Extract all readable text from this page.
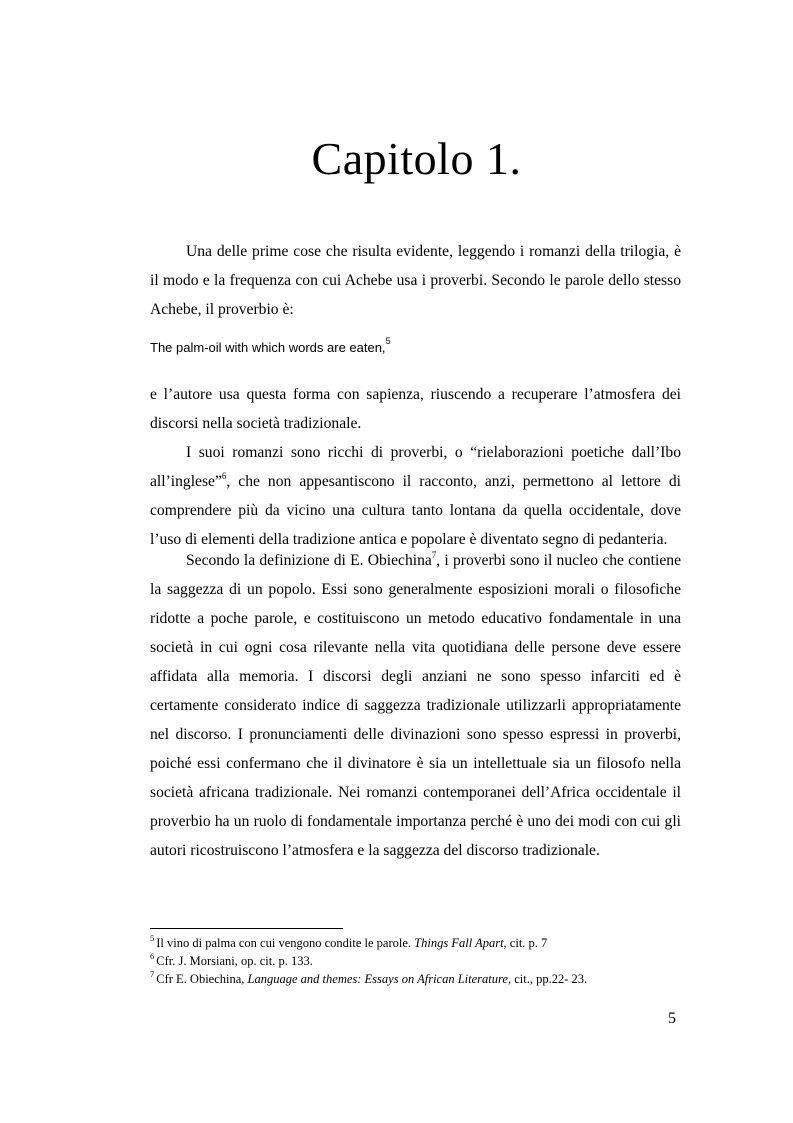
Capitolo 1.

Una delle prime cose che risulta evidente, leggendo i romanzi della trilogia, è il modo e la frequenza con cui Achebe usa i proverbi. Secondo le parole dello stesso Achebe, il proverbio è:

The palm-oil with which words are eaten,$^5$

e l’autore usa questa forma con sapienza, riuscendo a recuperare l’atmosfera dei discorsi nella società tradizionale.

I suoi romanzi sono ricchi di proverbi, o “rielaborazioni poetiche dall’Ibo all’inglese”$^6$, che non appesantiscono il racconto, anzi, permettono al lettore di comprendere più da vicino una cultura tanto lontana da quella occidentale, dove l’uso di elementi della tradizione antica e popolare è diventato segno di pedanteria.

Secondo la definizione di E. Obiechina$^7$, i proverbi sono il nucleo che contiene la saggezza di un popolo. Essi sono generalmente esposizioni morali o filosofiche ridotte a poche parole, e costituiscono un metodo educativo fondamentale in una società in cui ogni cosa rilevante nella vita quotidiana delle persone deve essere affidata alla memoria. I discorsi degli anziani ne sono spesso infarciti ed è certamente considerato indice di saggezza tradizionale utilizzarli appropriatamente nel discorso. I pronunciamenti delle divinazioni sono spesso espressi in proverbi, poiché essi confermano che il divinatore è sia un intellettuale sia un filosofo nella società africana tradizionale. Nei romanzi contemporanei dell’Africa occidentale il proverbio ha un ruolo di fondamentale importanza perché è uno dei modi con cui gli autori ricostruiscono l’atmosfera e la saggezza del discorso tradizionale.

$^5$ Il vino di palma con cui vengono condite le parole. Things Fall Apart, cit. p. 7

$^6$ Cfr. J. Morsiani, op. cit. p. 133.

$^7$ Cfr E. Obiechina, Language and themes: Essays on African Literature, cit., pp.22- 23.

5
